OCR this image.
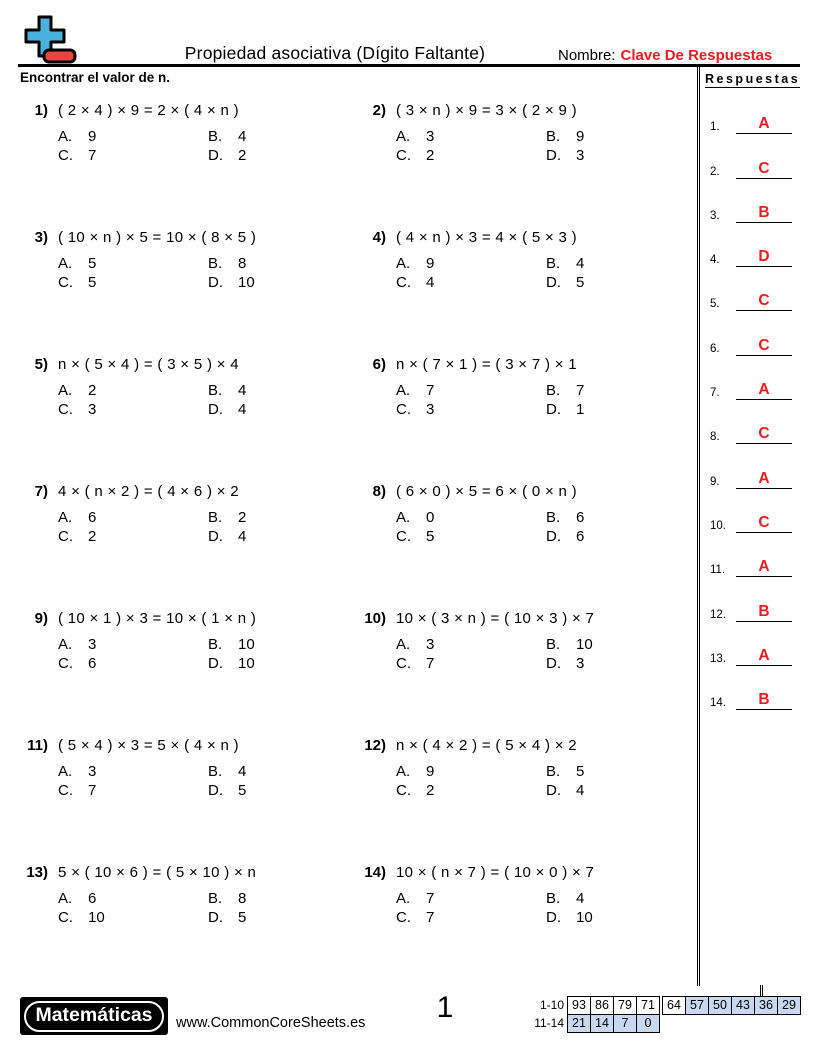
Propiedad asociativa (Dígito Faltante)	Nombre: Clave De Respuestas
Encontrar el valor de n.
1) ( 2 × 4 ) × 9 = 2 × ( 4 × n )
A.	9	B.	4
C.	7	D.	2
2) ( 3 × n ) × 9 = 3 × ( 2 × 9 )
A.	3	B.	9
C.	2	D.	3
3) ( 10 × n ) × 5 = 10 × ( 8 × 5 )
A.	5	B.	8
C.	5	D.	10
4) ( 4 × n ) × 3 = 4 × ( 5 × 3 )
A.	9	B.	4
C.	4	D.	5
5) n × ( 5 × 4 ) = ( 3 × 5 ) × 4
A.	2	B.	4
C.	3	D.	4
6) n × ( 7 × 1 ) = ( 3 × 7 ) × 1
A.	7	B.	7
C.	3	D.	1
7) 4 × ( n × 2 ) = ( 4 × 6 ) × 2
A.	6	B.	2
C.	2	D.	4
8) ( 6 × 0 ) × 5 = 6 × ( 0 × n )
A.	0	B.	6
C.	5	D.	6
9) ( 10 × 1 ) × 3 = 10 × ( 1 × n )
A.	3	B.	10
C.	6	D.	10
10) 10 × ( 3 × n ) = ( 10 × 3 ) × 7
A.	3	B.	10
C.	7	D.	3
11) ( 5 × 4 ) × 3 = 5 × ( 4 × n )
A.	3	B.	4
C.	7	D.	5
12) n × ( 4 × 2 ) = ( 5 × 4 ) × 2
A.	9	B.	5
C.	2	D.	4
13) 5 × ( 10 × 6 ) = ( 5 × 10 ) × n
A.	6	B.	8
C.	10	D.	5
14) 10 × ( n × 7 ) = ( 10 × 0 ) × 7
A.	7	B.	4
C.	7	D.	10
Respuestas
1.	A
2.	C
3.	B
4.	D
5.	C
6.	C
7.	A
8.	C
9.	A
10.	C
11.	A
12.	B
13.	A
14.	B
Matemáticas	www.CommonCoreSheets.es	1	1-10 93 86 79 71 64 57 50 43 36 29
11-14 21 14	7	0
